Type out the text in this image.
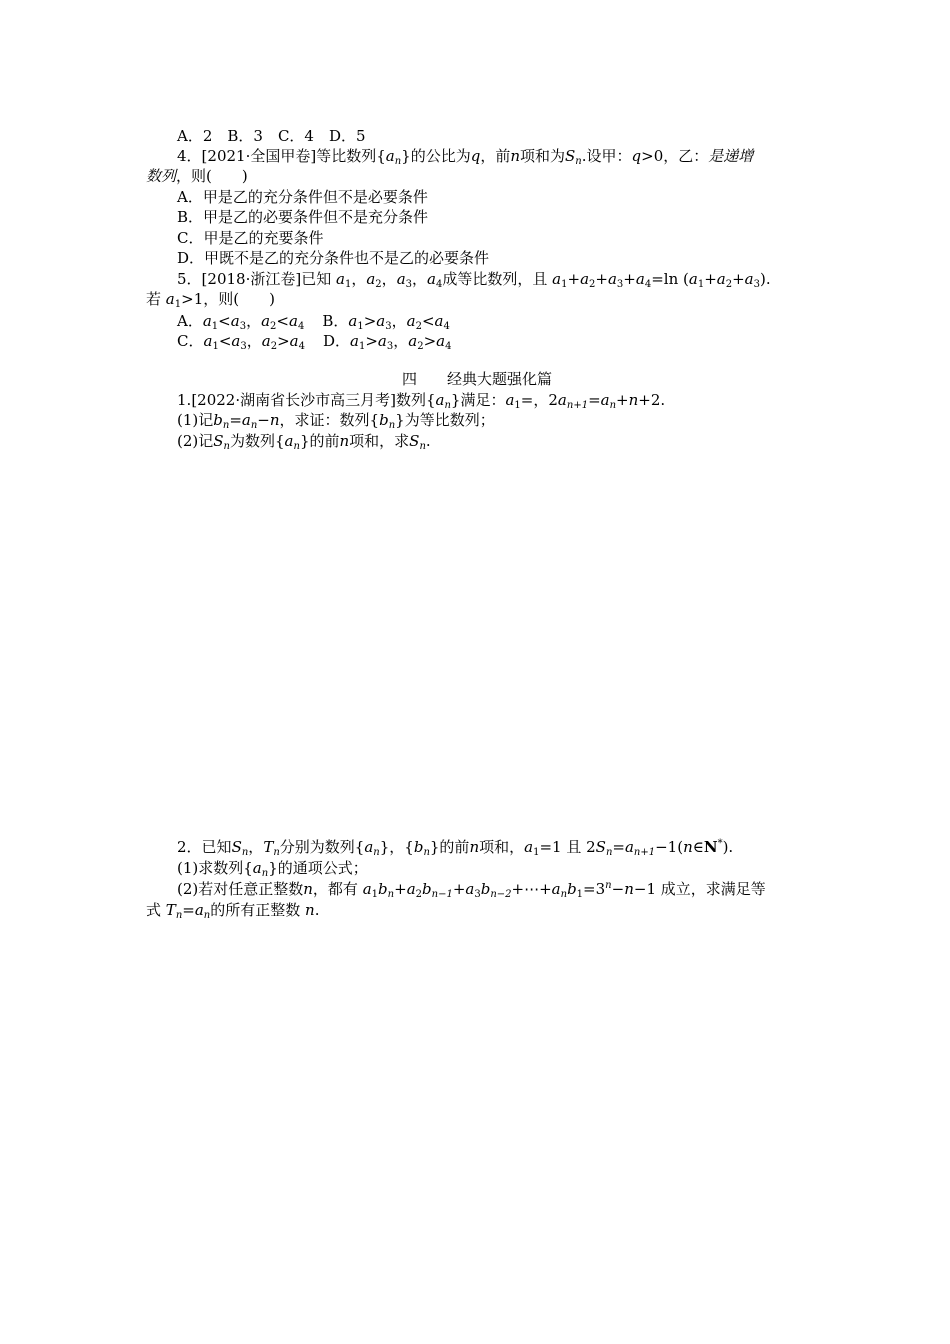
A．2　B．3　C．4　D．5
4．[2021·全国甲卷]等比数列$\{a_n\}$的公比为q，前n项和为$S_n$.设甲：q>0，乙：是递增
数列，则(　　)
A．甲是乙的充分条件但不是必要条件
B．甲是乙的必要条件但不是充分条件
C．甲是乙的充要条件
D．甲既不是乙的充分条件也不是乙的必要条件
5．[2018·浙江卷]已知 $a_1$，$a_2$，$a_3$，$a_4$成等比数列，且 $a_1+a_2+a_3+a_4=\ln$ $(a_1+a_2+a_3)$.
若 $a_1>1$，则(　　)
A．$a_1<a_3$，$a_2<a_4$ B．$a_1>a_3$，$a_2<a_4$
C．$a_1<a_3$，$a_2>a_4$ D．$a_1>a_3$，$a_2>a_4$
四 经典大题强化篇
1.[2022·湖南省长沙市高三月考]数列$\{a_n\}$满足：$a_1=$，$2a_{n+1}=a_n+n+2$.
(1)记$b_n=a_n-n$，求证：数列$\{b_n\}$为等比数列；
(2)记$S_n$为数列$\{a_n\}$的前n项和，求$S_n$.
2．已知$S_n$，$T_n$分别为数列$\{a_n\}$，$\{b_n\}$的前n项和，$a_1=1$ 且 $2S_n=a_{n+1}-1(n\in N^*)$.
(1)求数列$\{a_n\}$的通项公式；
(2)若对任意正整数n，都有 $a_1b_n+a_2b_{n-1}+a_3b_{n-2}+\cdots+a_nb_1=3^n-n-1$ 成立，求满足等
式 $T_n=a_n$的所有正整数 n.
